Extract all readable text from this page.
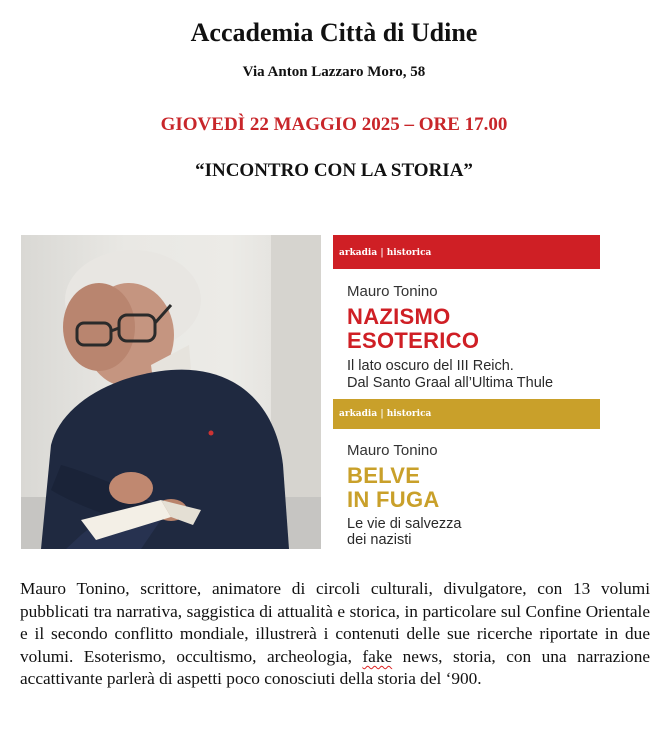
Accademia Città di Udine
Via Anton Lazzaro Moro, 58
GIOVEDÌ 22 MAGGIO 2025 – ORE 17.00
“INCONTRO CON LA STORIA”
arkadia | historica
Mauro Tonino
NAZISMO
ESOTERICO
Il lato oscuro del III Reich.
Dal Santo Graal all’Ultima Thule
arkadia | historica
Mauro Tonino
BELVE
IN FUGA
Le vie di salvezza
dei nazisti
Mauro Tonino, scrittore, animatore di circoli culturali, divulgatore, con 13 volumi pubblicati tra narrativa, saggistica di attualità e storica, in particolare sul Confine Orientale e il secondo conflitto mondiale, illustrerà i contenuti delle sue ricerche riportate in due volumi. Esoterismo, occultismo, archeologia, fake news, storia, con una narrazione accattivante parlerà di aspetti poco conosciuti della storia del ‘900.
